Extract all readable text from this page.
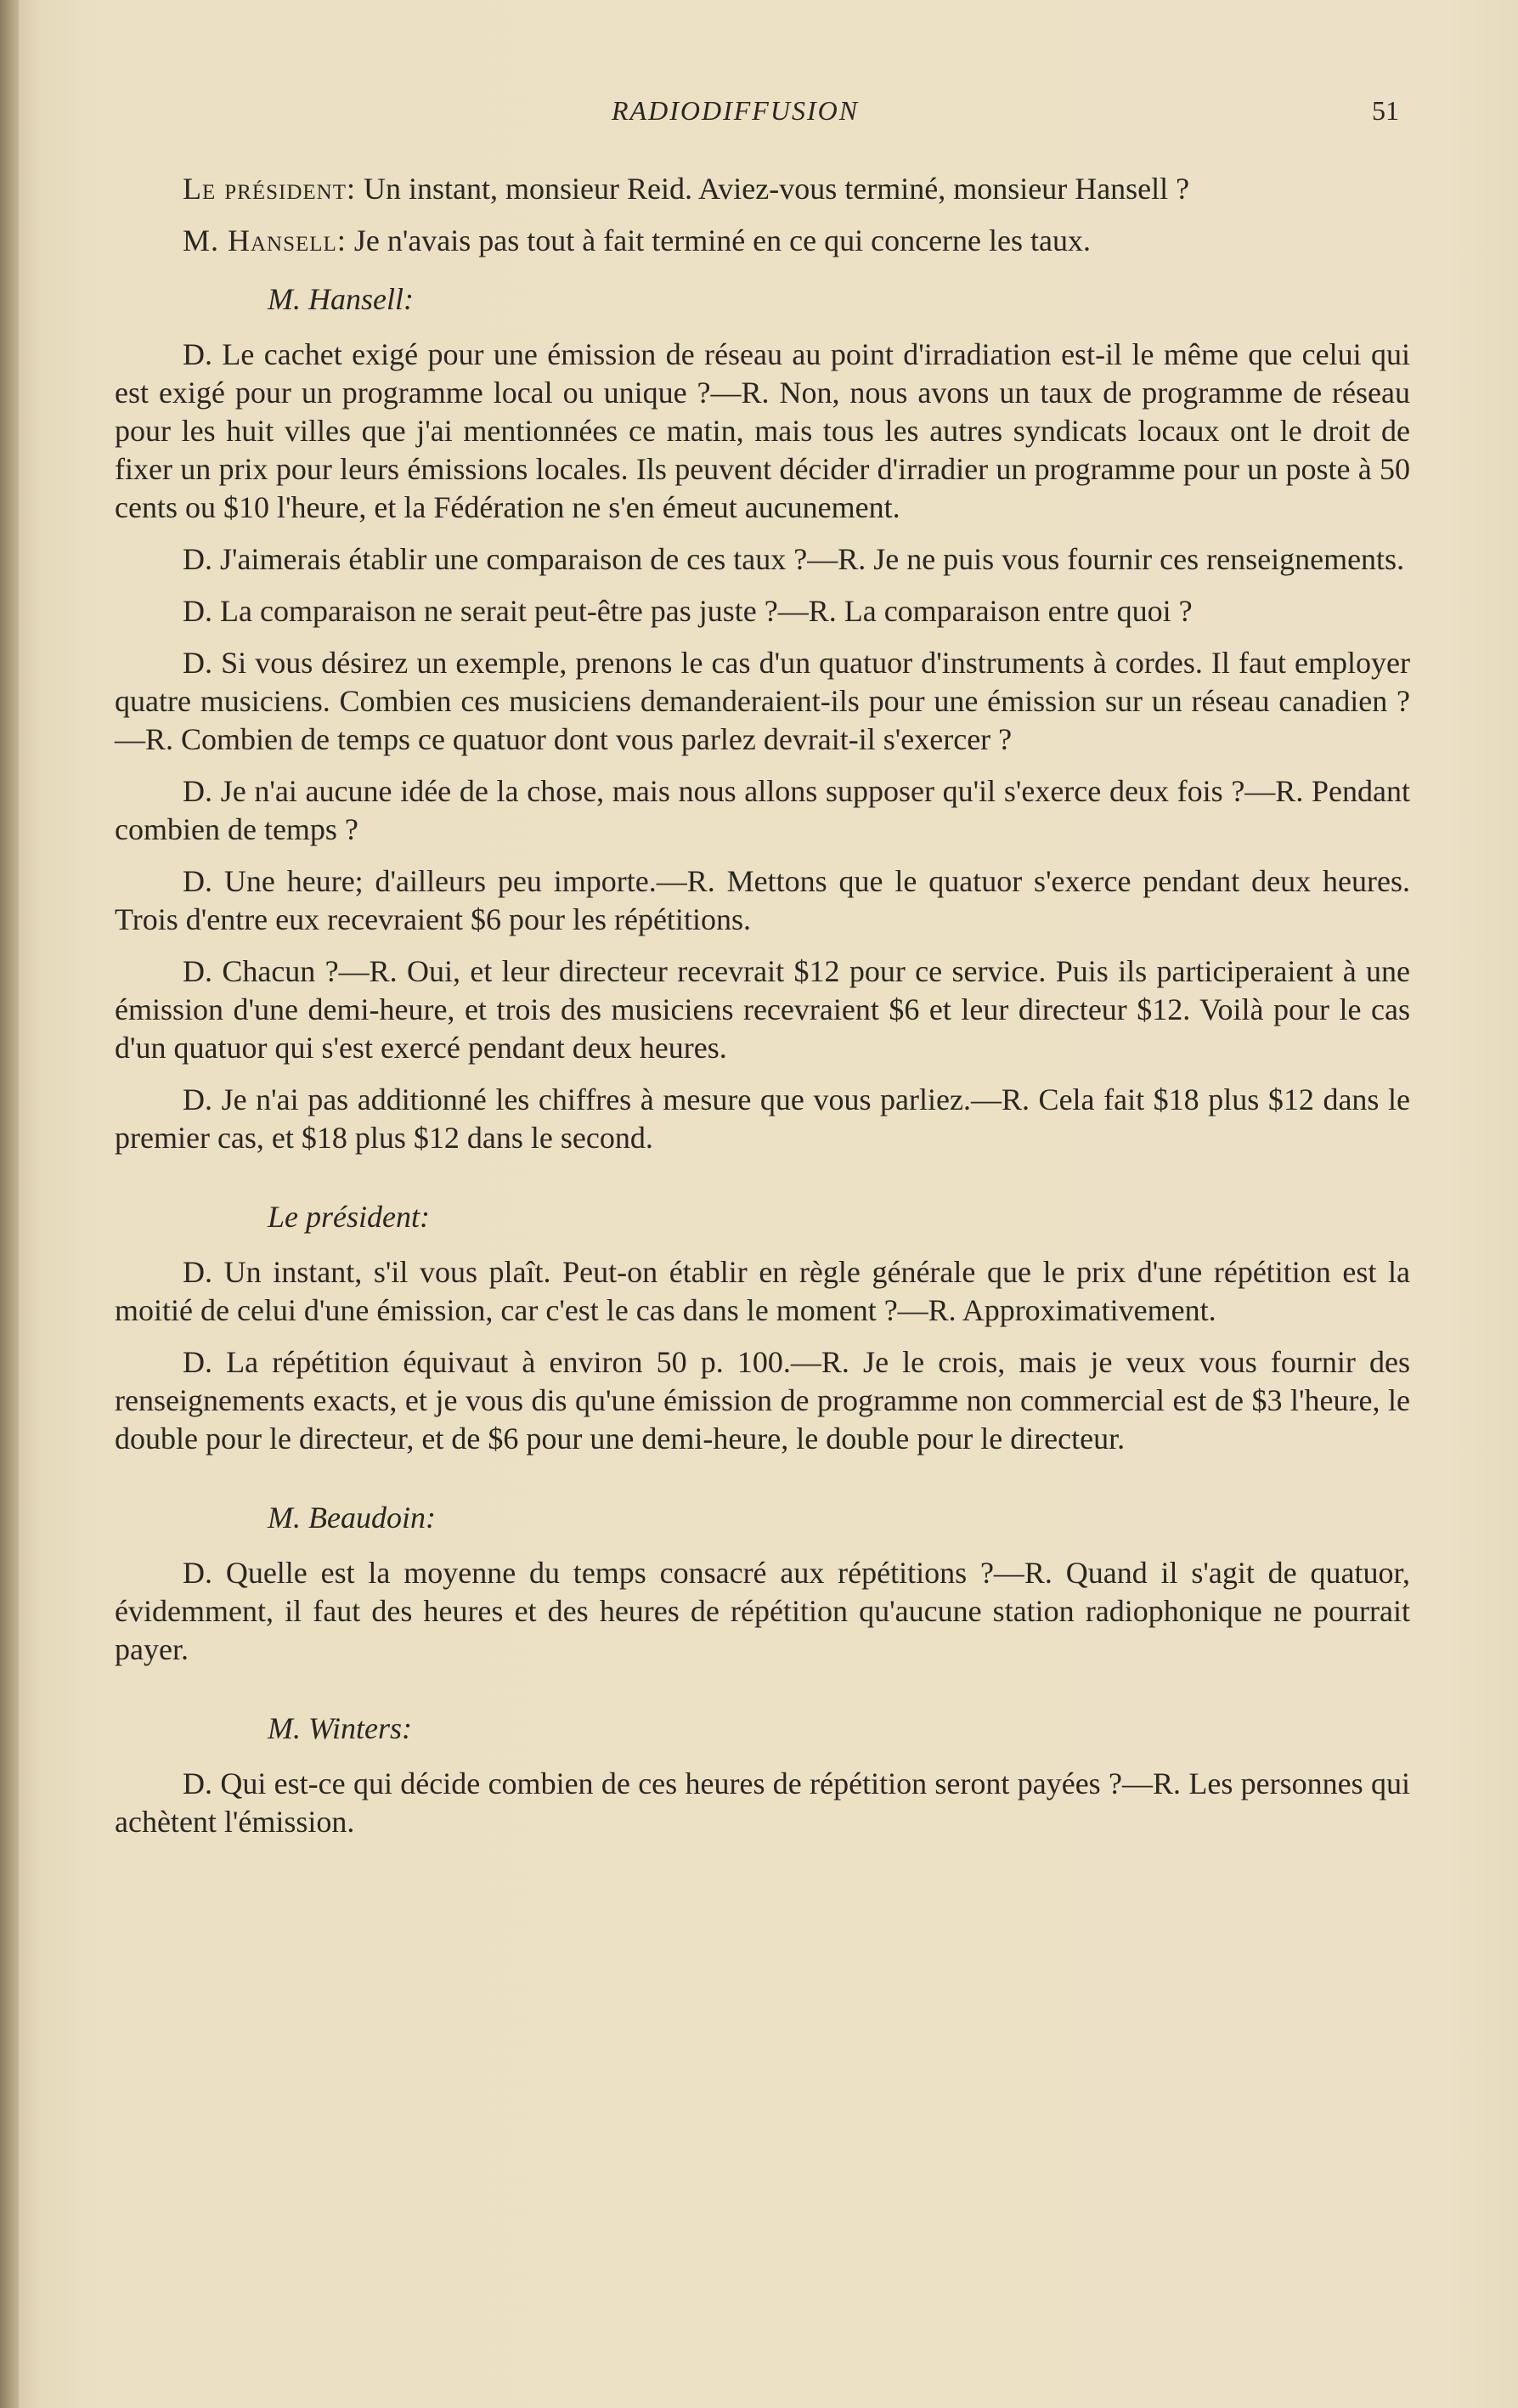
RADIODIFFUSION	51

Le président: Un instant, monsieur Reid. Aviez-vous terminé, monsieur Hansell ?

M. Hansell: Je n'avais pas tout à fait terminé en ce qui concerne les taux.

M. Hansell:

D. Le cachet exigé pour une émission de réseau au point d'irradiation est-il le même que celui qui est exigé pour un programme local ou unique ?—R. Non, nous avons un taux de programme de réseau pour les huit villes que j'ai mentionnées ce matin, mais tous les autres syndicats locaux ont le droit de fixer un prix pour leurs émissions locales. Ils peuvent décider d'irradier un programme pour un poste à 50 cents ou $10 l'heure, et la Fédération ne s'en émeut aucunement.

D. J'aimerais établir une comparaison de ces taux ?—R. Je ne puis vous fournir ces renseignements.

D. La comparaison ne serait peut-être pas juste ?—R. La comparaison entre quoi ?

D. Si vous désirez un exemple, prenons le cas d'un quatuor d'instruments à cordes. Il faut employer quatre musiciens. Combien ces musiciens demanderaient-ils pour une émission sur un réseau canadien ?—R. Combien de temps ce quatuor dont vous parlez devrait-il s'exercer ?

D. Je n'ai aucune idée de la chose, mais nous allons supposer qu'il s'exerce deux fois ?—R. Pendant combien de temps ?

D. Une heure; d'ailleurs peu importe.—R. Mettons que le quatuor s'exerce pendant deux heures. Trois d'entre eux recevraient $6 pour les répétitions.

D. Chacun ?—R. Oui, et leur directeur recevrait $12 pour ce service. Puis ils participeraient à une émission d'une demi-heure, et trois des musiciens recevraient $6 et leur directeur $12. Voilà pour le cas d'un quatuor qui s'est exercé pendant deux heures.

D. Je n'ai pas additionné les chiffres à mesure que vous parliez.—R. Cela fait $18 plus $12 dans le premier cas, et $18 plus $12 dans le second.

Le président:

D. Un instant, s'il vous plaît. Peut-on établir en règle générale que le prix d'une répétition est la moitié de celui d'une émission, car c'est le cas dans le moment ?—R. Approximativement.

D. La répétition équivaut à environ 50 p. 100.—R. Je le crois, mais je veux vous fournir des renseignements exacts, et je vous dis qu'une émission de programme non commercial est de $3 l'heure, le double pour le directeur, et de $6 pour une demi-heure, le double pour le directeur.

M. Beaudoin:

D. Quelle est la moyenne du temps consacré aux répétitions ?—R. Quand il s'agit de quatuor, évidemment, il faut des heures et des heures de répétition qu'aucune station radiophonique ne pourrait payer.

M. Winters:

D. Qui est-ce qui décide combien de ces heures de répétition seront payées ?—R. Les personnes qui achètent l'émission.
